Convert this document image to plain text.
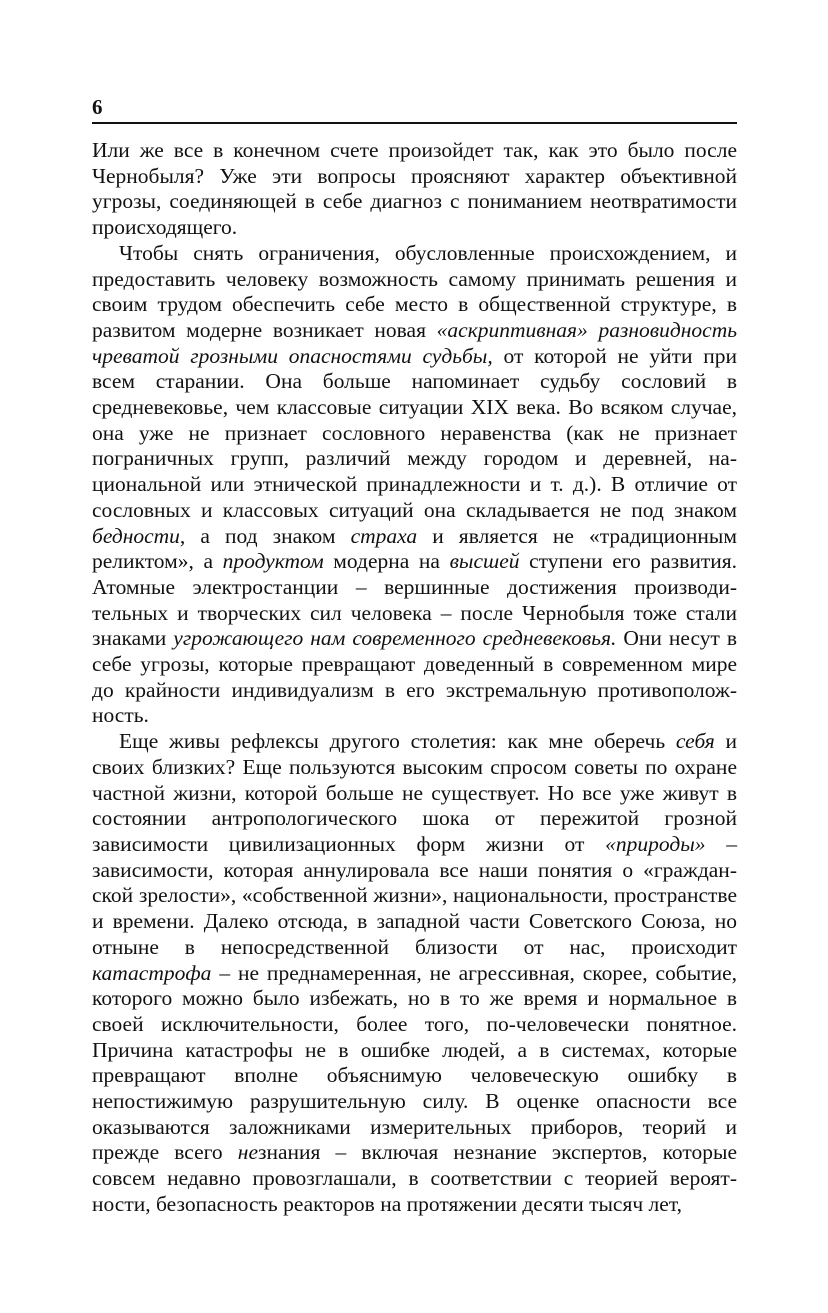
6

Или же все в конечном счете произойдет так, как это было после Чернобыля? Уже эти вопросы проясняют характер объективной угрозы, соединяющей в себе диагноз с пониманием неотвратимости происходящего.

Чтобы снять ограничения, обусловленные происхождением, и предоставить человеку возможность самому принимать решения и своим трудом обеспечить себе место в общественной структуре, в развитом модерне возникает новая «аскриптивная» разновидность чреватой грозными опасностями судьбы, от которой не уйти при всем старании. Она больше напоминает судьбу сословий в средневековье, чем классовые ситуации XIX века. Во всяком случае, она уже не признает сословного неравенства (как не признает пограничных групп, различий между городом и деревней, национальной или этнической принадлежности и т. д.). В отличие от сословных и классовых ситуаций она складывается не под знаком бедности, а под знаком страха и является не «традиционным реликтом», а продуктом модерна на высшей ступени его развития. Атомные электростанции – вершинные достижения производительных и творческих сил человека – после Чернобыля тоже стали знаками угрожающего нам современного средневековья. Они несут в себе угрозы, которые превращают доведенный в современном мире до крайности индивидуализм в его экстремальную противоположность.

Еще живы рефлексы другого столетия: как мне оберечь себя и своих близких? Еще пользуются высоким спросом советы по охране частной жизни, которой больше не существует. Но все уже живут в состоянии антропологического шока от пережитой грозной зависимости цивилизационных форм жизни от «природы» – зависимости, которая аннулировала все наши понятия о «гражданской зрелости», «собственной жизни», национальности, пространстве и времени. Далеко отсюда, в западной части Советского Союза, но отныне в непосредственной близости от нас, происходит катастрофа – не преднамеренная, не агрессивная, скорее, событие, которого можно было избежать, но в то же время и нормальное в своей исключительности, более того, по-человечески понятное. Причина катастрофы не в ошибке людей, а в системах, которые превращают вполне объяснимую человеческую ошибку в непостижимую разрушительную силу. В оценке опасности все оказываются заложниками измерительных приборов, теорий и прежде всего незнания – включая незнание экспертов, которые совсем недавно провозглашали, в соответствии с теорией вероятности, безопасность реакторов на протяжении десяти тысяч лет,
